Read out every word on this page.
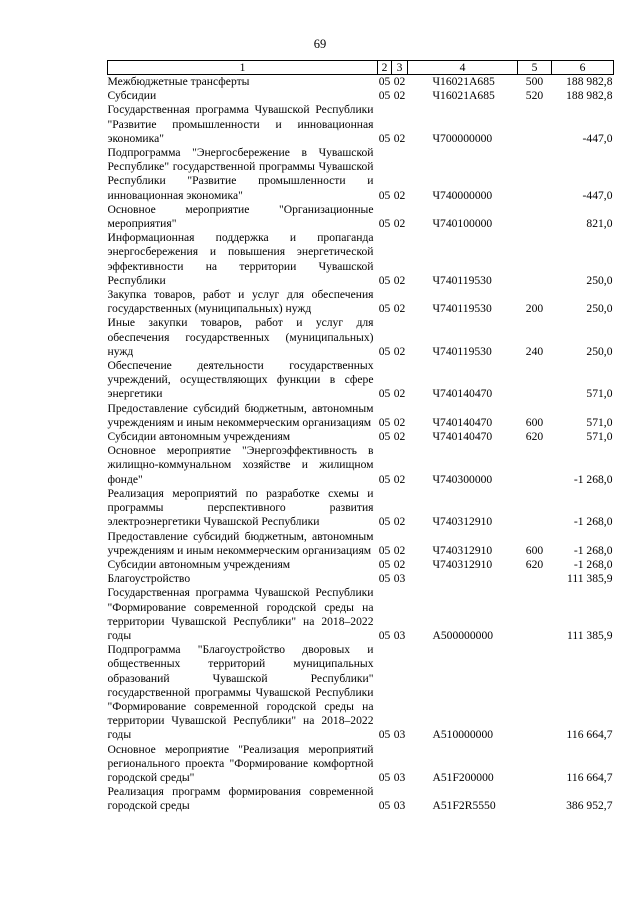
69
1	2	3	4	5	6
Межбюджетные трансферты	05	02	Ч16021А685	500	188 982,8
Субсидии	05	02	Ч16021А685	520	188 982,8
Государственная программа Чувашской Республики "Развитие промышленности и инновационная экономика"	05	02	Ч700000000		-447,0
Подпрограмма "Энергосбережение в Чувашской Республике" государственной программы Чувашской Республики "Развитие промышленности и инновационная экономика"	05	02	Ч740000000		-447,0
Основное мероприятие "Организационные мероприятия"	05	02	Ч740100000		821,0
Информационная поддержка и пропаганда энергосбережения и повышения энергетической эффективности на территории Чувашской Республики	05	02	Ч740119530		250,0
Закупка товаров, работ и услуг для обеспечения государственных (муниципальных) нужд	05	02	Ч740119530	200	250,0
Иные закупки товаров, работ и услуг для обеспечения государственных (муниципальных) нужд	05	02	Ч740119530	240	250,0
Обеспечение деятельности государственных учреждений, осуществляющих функции в сфере энергетики	05	02	Ч740140470		571,0
Предоставление субсидий бюджетным, автономным учреждениям и иным некоммерческим организациям	05	02	Ч740140470	600	571,0
Субсидии автономным учреждениям	05	02	Ч740140470	620	571,0
Основное мероприятие "Энергоэффективность в жилищно-коммунальном хозяйстве и жилищном фонде"	05	02	Ч740300000		-1 268,0
Реализация мероприятий по разработке схемы и программы перспективного развития электроэнергетики Чувашской Республики	05	02	Ч740312910		-1 268,0
Предоставление субсидий бюджетным, автономным учреждениям и иным некоммерческим организациям	05	02	Ч740312910	600	-1 268,0
Субсидии автономным учреждениям	05	02	Ч740312910	620	-1 268,0
Благоустройство	05	03			111 385,9
Государственная программа Чувашской Республики "Формирование современной городской среды на территории Чувашской Республики" на 2018–2022 годы	05	03	А500000000		111 385,9
Подпрограмма "Благоустройство дворовых и общественных территорий муниципальных образований Чувашской Республики" государственной программы Чувашской Республики "Формирование современной городской среды на территории Чувашской Республики" на 2018–2022 годы	05	03	А510000000		116 664,7
Основное мероприятие "Реализация мероприятий регионального проекта "Формирование комфортной городской среды"	05	03	А51F200000		116 664,7
Реализация программ формирования современной городской среды	05	03	А51F2R5550		386 952,7
